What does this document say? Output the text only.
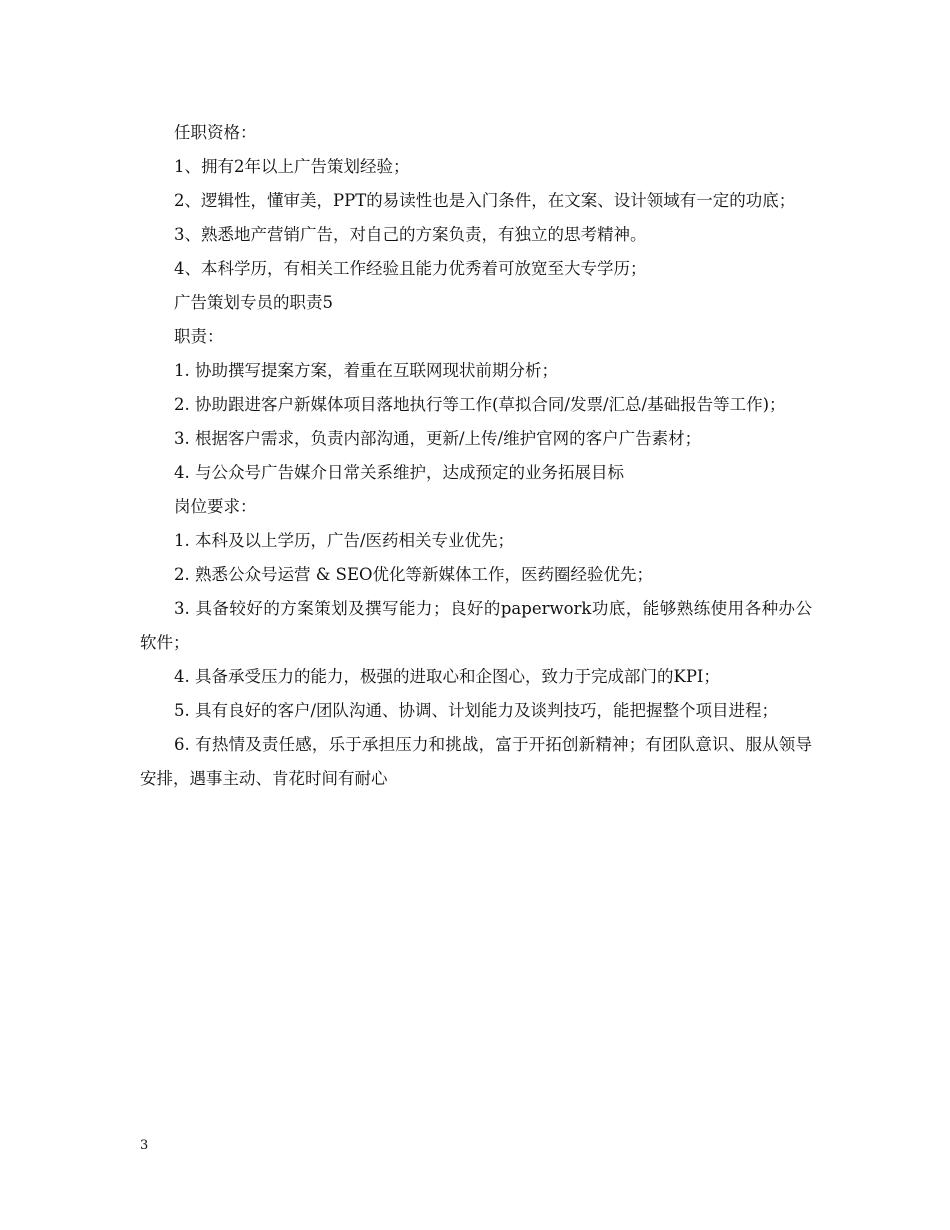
任职资格：

1、拥有2年以上广告策划经验；

2、逻辑性，懂审美，PPT的易读性也是入门条件，在文案、设计领域有一定的功底；

3、熟悉地产营销广告，对自己的方案负责，有独立的思考精神。

4、本科学历，有相关工作经验且能力优秀着可放宽至大专学历；

广告策划专员的职责5

职责：

1. 协助撰写提案方案，着重在互联网现状前期分析；

2. 协助跟进客户新媒体项目落地执行等工作(草拟合同/发票/汇总/基础报告等工作)；

3. 根据客户需求，负责内部沟通，更新/上传/维护官网的客户广告素材；

4. 与公众号广告媒介日常关系维护，达成预定的业务拓展目标

岗位要求：

1. 本科及以上学历，广告/医药相关专业优先；

2. 熟悉公众号运营 & SEO优化等新媒体工作，医药圈经验优先；

3. 具备较好的方案策划及撰写能力；良好的paperwork功底，能够熟练使用各种办公软件；

4. 具备承受压力的能力，极强的进取心和企图心，致力于完成部门的KPI；

5. 具有良好的客户/团队沟通、协调、计划能力及谈判技巧，能把握整个项目进程；

6. 有热情及责任感，乐于承担压力和挑战，富于开拓创新精神；有团队意识、服从领导安排，遇事主动、肯花时间有耐心

3
